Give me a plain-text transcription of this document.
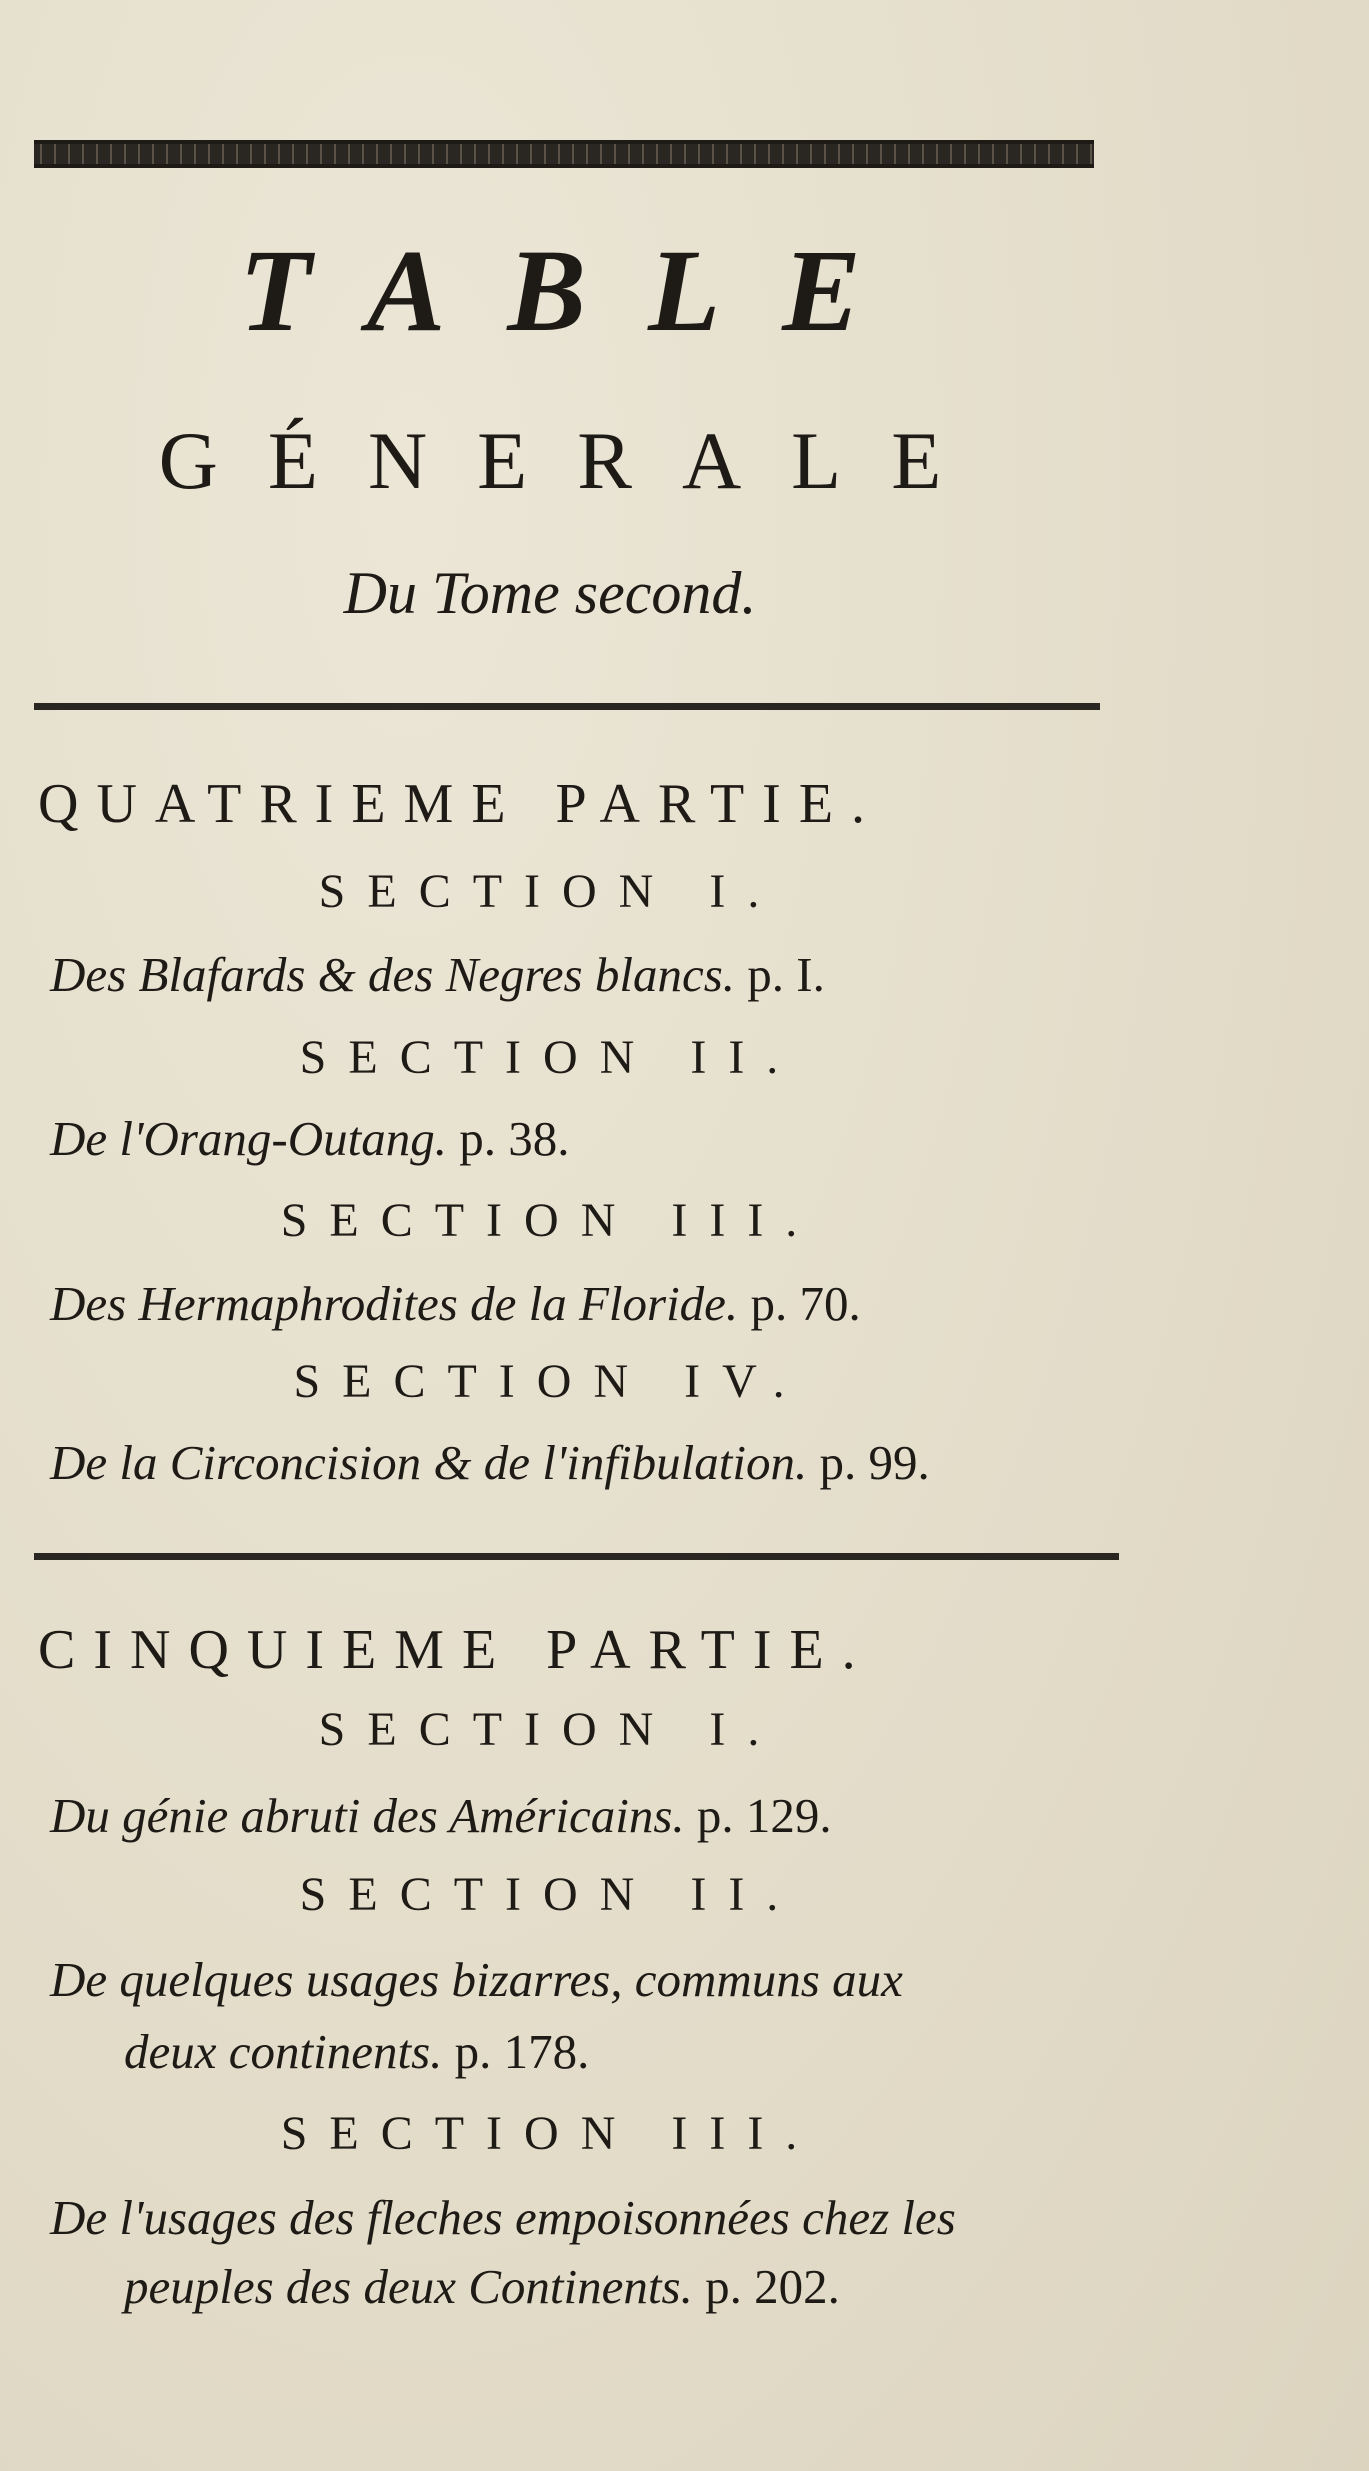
TABLE
GÉNERALE
Du Tome second.
QUATRIEME PARTIE.
SECTION I.
Des Blafards & des Negres blancs. p. I.
SECTION II.
De l'Orang-Outang. p. 38.
SECTION III.
Des Hermaphrodites de la Floride. p. 70.
SECTION IV.
De la Circoncision & de l'infibulation. p. 99.
CINQUIEME PARTIE.
SECTION I.
Du génie abruti des Américains. p. 129.
SECTION II.
De quelques usages bizarres, communs aux
deux continents. p. 178.
SECTION III.
De l'usages des fleches empoisonnées chez les
peuples des deux Continents. p. 202.
